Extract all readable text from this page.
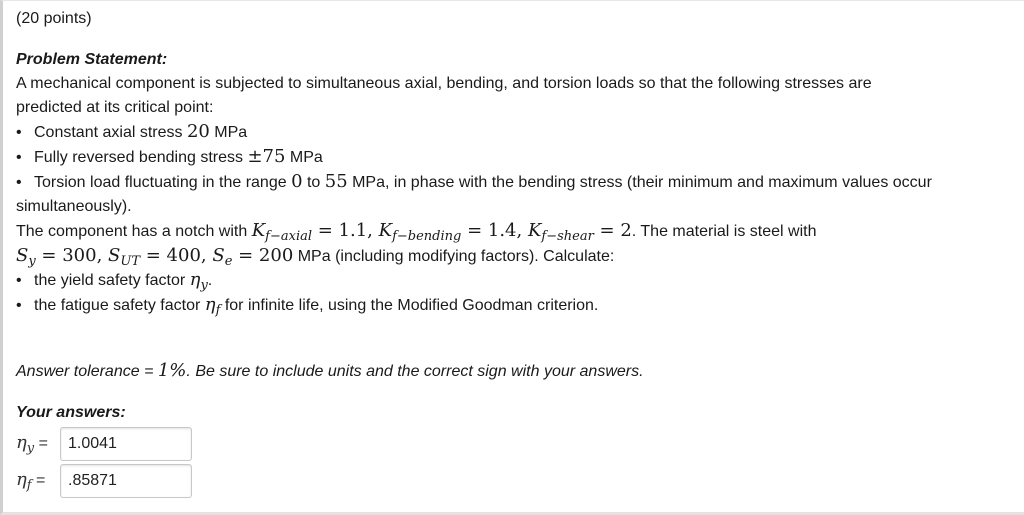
(20 points)
Problem Statement:
A mechanical component is subjected to simultaneous axial, bending, and torsion loads so that the following stresses are
predicted at its critical point:
• Constant axial stress 20 MPa
• Fully reversed bending stress ±75 MPa
• Torsion load fluctuating in the range 0 to 55 MPa, in phase with the bending stress (their minimum and maximum values occur
simultaneously).
The component has a notch with $K_{f-axial} = 1.1$, $K_{f-bending} = 1.4$, $K_{f-shear} = 2$. The material is steel with
$S_y = 300$, $S_{UT} = 400$, $S_e = 200$ MPa (including modifying factors). Calculate:
• the yield safety factor $\eta_y$.
• the fatigue safety factor $\eta_f$ for infinite life, using the Modified Goodman criterion.
Answer tolerance = 1%. Be sure to include units and the correct sign with your answers.
Your answers:
$\eta_y$ =	1.0041
$\eta_f$ =	.85871
